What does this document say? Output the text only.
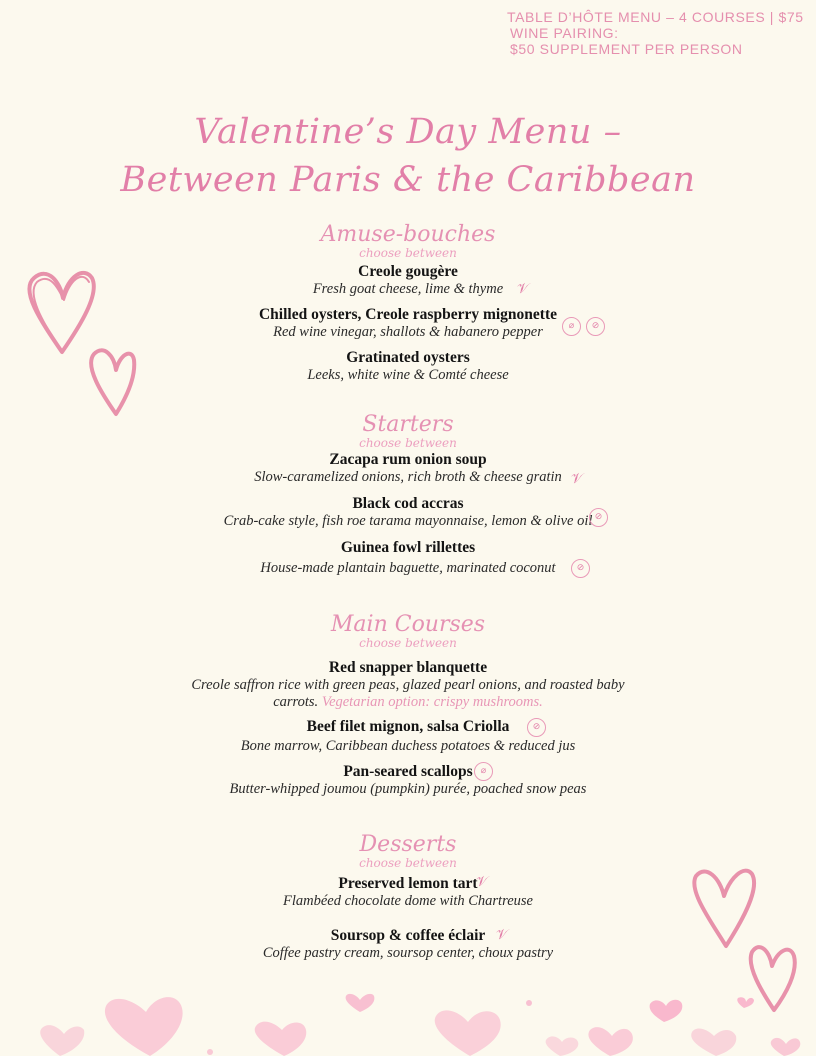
TABLE D’HÔTE MENU – 4 COURSES | $75
WINE PAIRING:
$50 SUPPLEMENT PER PERSON
Valentine’s Day Menu –
Between Paris & the Caribbean
Amuse-bouches
choose between
Creole gougère
Fresh goat cheese, lime & thyme 𝒱
Chilled oysters, Creole raspberry mignonette
Red wine vinegar, shallots & habanero pepper	⌀	⊘
Gratinated oysters
Leeks, white wine & Comté cheese
Starters
choose between
Zacapa rum onion soup
Slow-caramelized onions, rich broth & cheese gratin 𝒱
Black cod accras
Crab-cake style, fish roe tarama mayonnaise, lemon & olive oil ⊘
Guinea fowl rillettes
House-made plantain baguette, marinated coconut	⊘
Main Courses
choose between
Red snapper blanquette
Creole saffron rice with green peas, glazed pearl onions, and roasted baby carrots. Vegetarian option: crispy mushrooms.
Beef filet mignon, salsa Criolla
Bone marrow, Caribbean duchess potatoes & reduced jus
⊘
Pan-seared scallops
Butter-whipped joumou (pumpkin) purée, poached snow peas
⌀
Desserts
choose between
Preserved lemon tart
Flambéed chocolate dome with Chartreuse
𝒱
Soursop & coffee éclair
Coffee pastry cream, soursop center, choux pastry
𝒱
